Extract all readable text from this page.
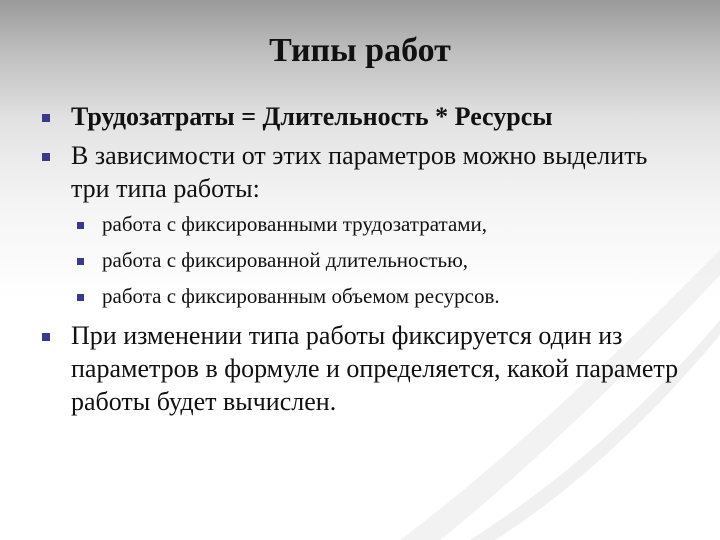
Типы работ
Трудозатраты = Длительность * Ресурсы
В зависимости от этих параметров можно выделить три типа работы:
работа с фиксированными трудозатратами,
работа с фиксированной длительностью,
работа с фиксированным объемом ресурсов.
При изменении типа работы фиксируется один из параметров в формуле и определяется, какой параметр работы будет вычислен.
